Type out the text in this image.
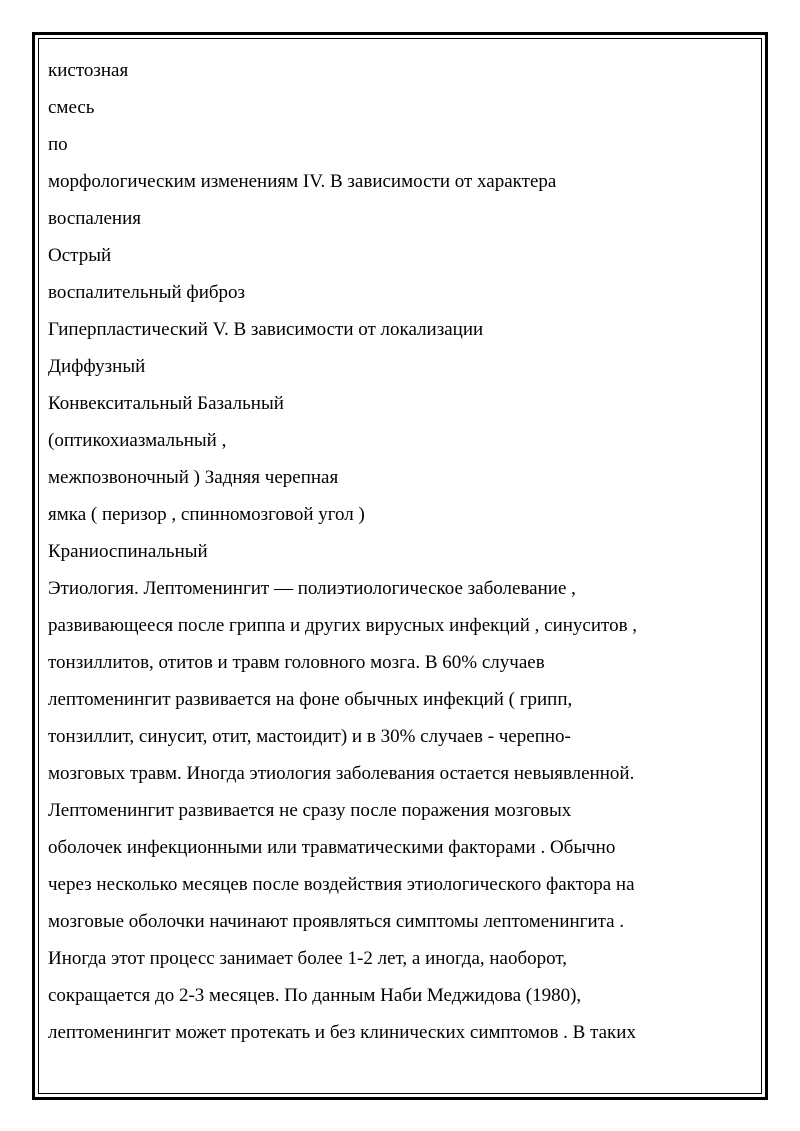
кистозная
смесь
по
морфологическим изменениям IV. В зависимости от характера
воспаления
Острый
воспалительный фиброз
Гиперпластический V. В зависимости от локализации
Диффузный
Конвекситальный Базальный
(оптикохиазмальный ,
межпозвоночный ) Задняя черепная
ямка ( перизор , спинномозговой угол )
Краниоспинальный
Этиология. Лептоменингит — полиэтиологическое заболевание ,
развивающееся после гриппа и других вирусных инфекций , синуситов ,
тонзиллитов, отитов и травм головного мозга. В 60% случаев
лептоменингит развивается на фоне обычных инфекций ( грипп,
тонзиллит, синусит, отит, мастоидит) и в 30% случаев - черепно-
мозговых травм. Иногда этиология заболевания остается невыявленной.
Лептоменингит развивается не сразу после поражения мозговых
оболочек инфекционными или травматическими факторами . Обычно
через несколько месяцев после воздействия этиологического фактора на
мозговые оболочки начинают проявляться симптомы лептоменингита .
Иногда этот процесс занимает более 1-2 лет, а иногда, наоборот,
сокращается до 2-3 месяцев. По данным Наби Меджидова (1980),
лептоменингит может протекать и без клинических симптомов . В таких
